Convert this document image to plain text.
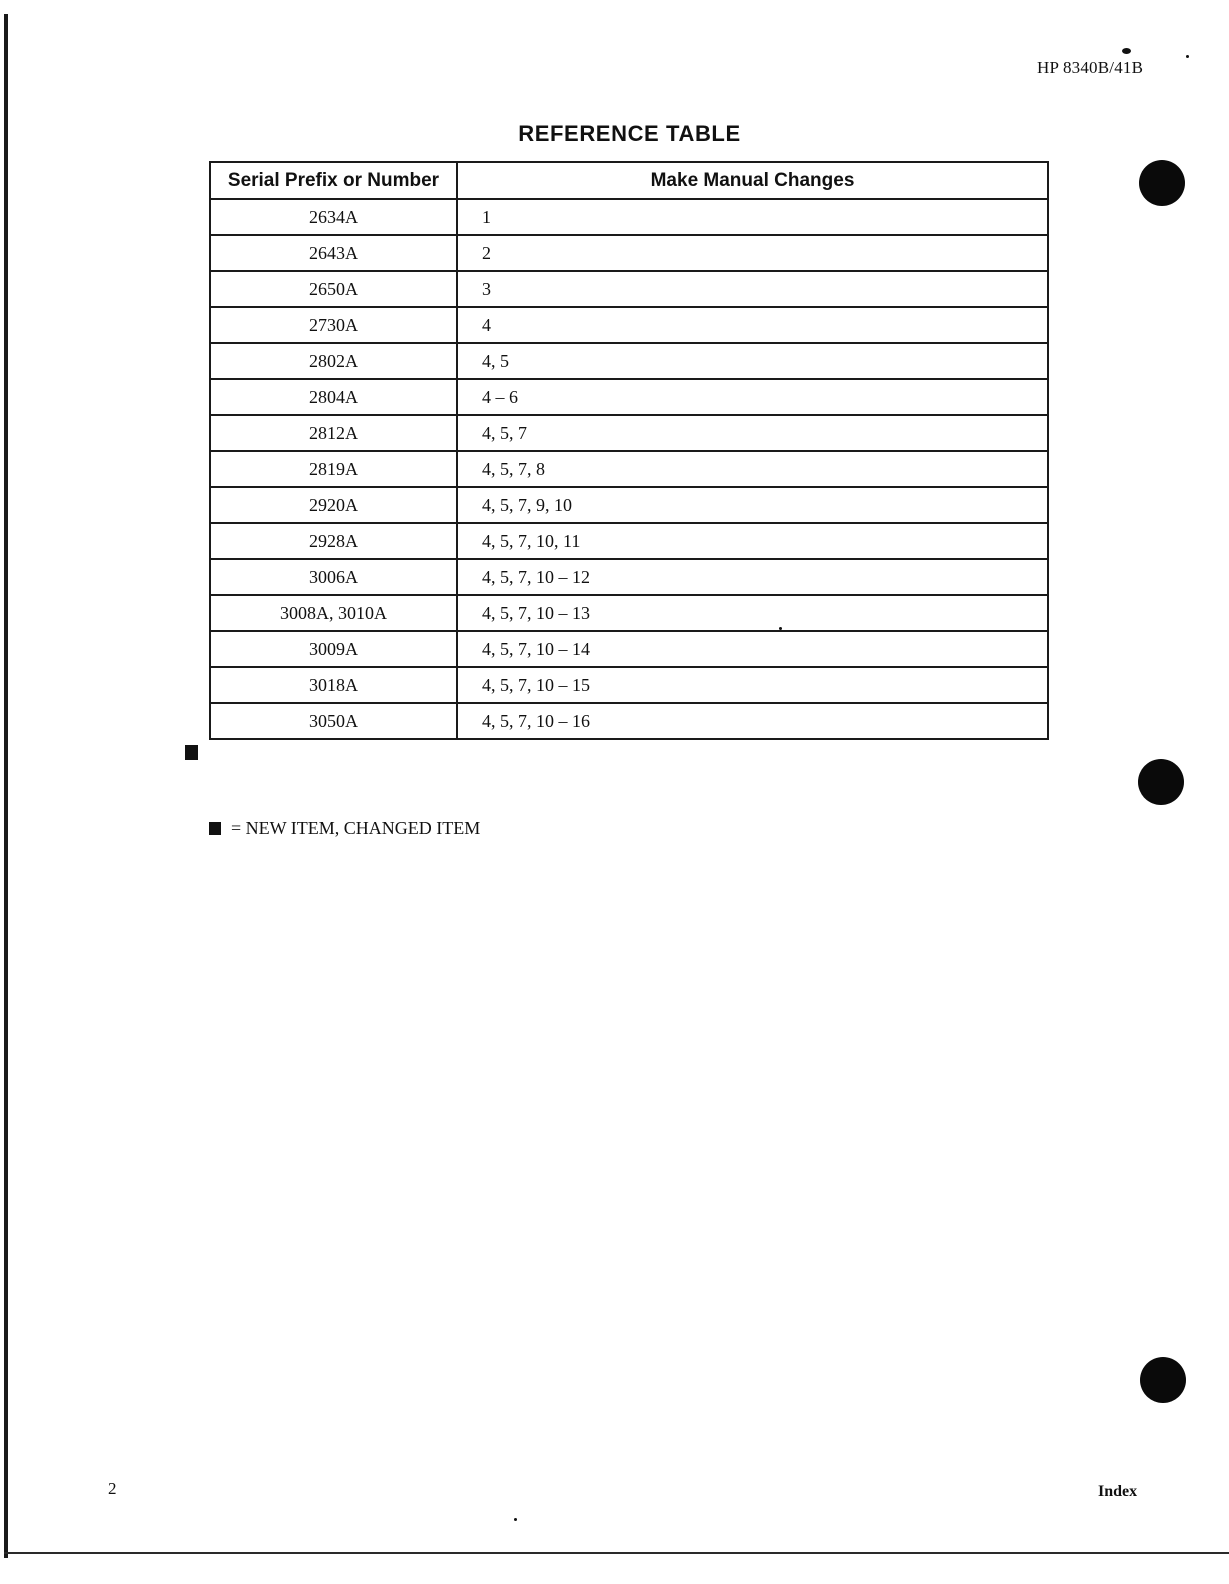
HP 8340B/41B
REFERENCE TABLE
Serial Prefix or Number	Make Manual Changes
2634A	1
2643A	2
2650A	3
2730A	4
2802A	4, 5
2804A	4 – 6
2812A	4, 5, 7
2819A	4, 5, 7, 8
2920A	4, 5, 7, 9, 10
2928A	4, 5, 7, 10, 11
3006A	4, 5, 7, 10 – 12
3008A, 3010A	4, 5, 7, 10 – 13
3009A	4, 5, 7, 10 – 14
3018A	4, 5, 7, 10 – 15
3050A	4, 5, 7, 10 – 16
= NEW ITEM, CHANGED ITEM
2	Index
